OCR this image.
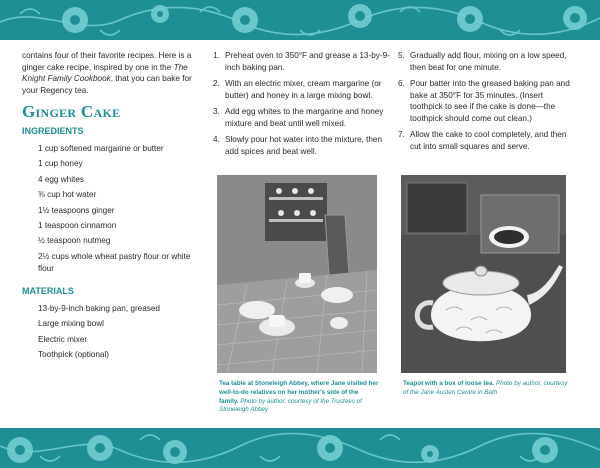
contains four of their favorite recipes. Here is a ginger cake recipe, inspired by one in the The Knight Family Cookbook, that you can bake for your Regency tea.

Ginger Cake
INGREDIENTS
1 cup softened margarine or butter
1 cup honey
4 egg whites
⅜ cup hot water
1½ teaspoons ginger
1 teaspoon cinnamon
½ teaspoon nutmeg
2½ cups whole wheat pastry flour or white flour
MATERIALS
13-by-9-inch baking pan, greased
Large mixing bowl
Electric mixer
Toothpick (optional)
1. Preheat oven to 350°F and grease a 13-by-9-inch baking pan.
2. With an electric mixer, cream margarine (or butter) and honey in a large mixing bowl.
3. Add egg whites to the margarine and honey mixture and beat until well mixed.
4. Slowly pour hot water into the mixture, then add spices and beat well.
5. Gradually add flour, mixing on a low speed, then beat for one minute.
6. Pour batter into the greased baking pan and bake at 350°F for 35 minutes. (Insert toothpick to see if the cake is done—the toothpick should come out clean.)
7. Allow the cake to cool completely, and then cut into small squares and serve.
Tea table at Stoneleigh Abbey, where Jane visited her well-to-do relatives on her mother's side of the family. Photo by author, courtesy of the Trustees of Stoneleigh Abbey
Teapot with a box of loose tea. Photo by author, courtesy of the Jane Austen Centre in Bath
